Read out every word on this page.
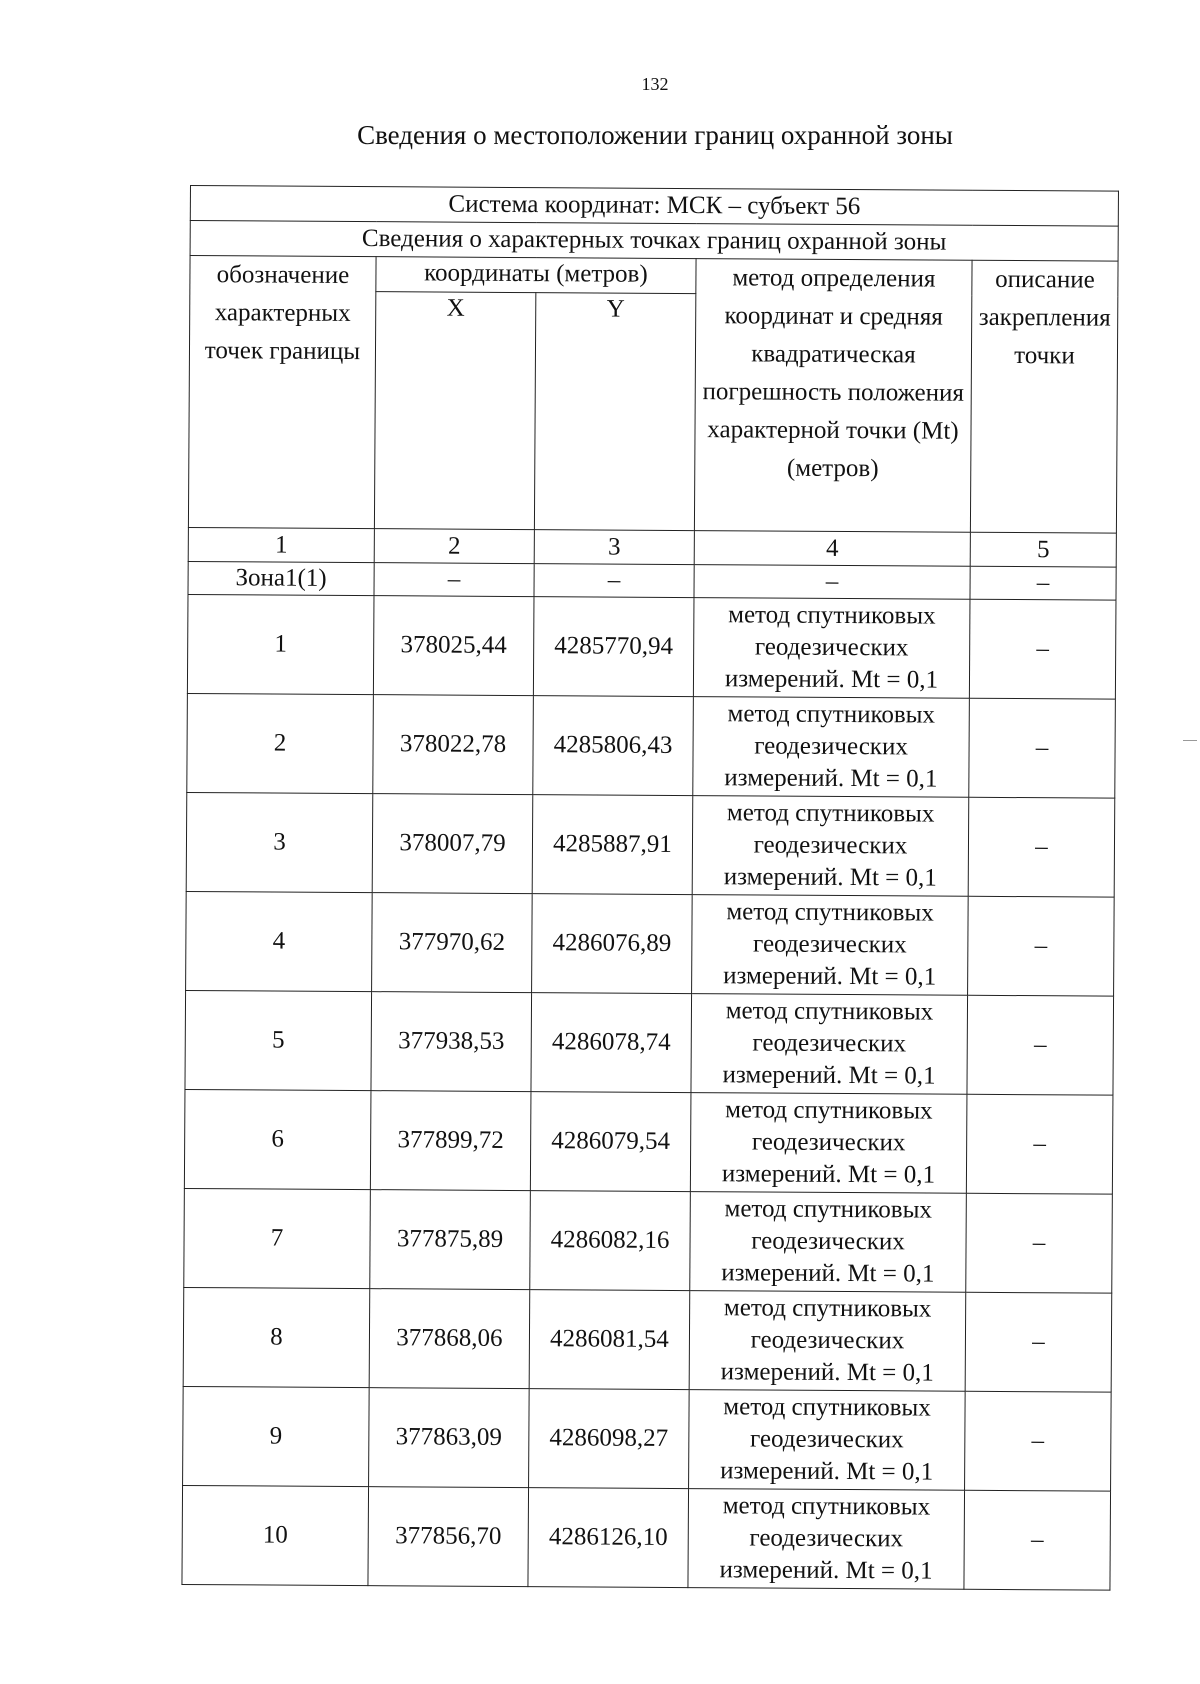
132
Сведения о местоположении границ охранной зоны
Система координат: МСК – субъект 56				
Сведения о характерных точках границ охранной зоны				

обозначение характерных точек границы	координаты (метров)		метод определения координат и средняя квадратическая погрешность положения характерной точки (Mt) (метров)	описание закрепления точки

	X	Y		
1	2	3	4	5
Зона1(1)	–	–	–	–
1	378025,44	4285770,94	метод спутниковых геодезических измерений. Mt = 0,1	–
2	378022,78	4285806,43	метод спутниковых геодезических измерений. Mt = 0,1	–
3	378007,79	4285887,91	метод спутниковых геодезических измерений. Mt = 0,1	–
4	377970,62	4286076,89	метод спутниковых геодезических измерений. Mt = 0,1	–
5	377938,53	4286078,74	метод спутниковых геодезических измерений. Mt = 0,1	–
6	377899,72	4286079,54	метод спутниковых геодезических измерений. Mt = 0,1	–
7	377875,89	4286082,16	метод спутниковых геодезических измерений. Mt = 0,1	–
8	377868,06	4286081,54	метод спутниковых геодезических измерений. Mt = 0,1	–
9	377863,09	4286098,27	метод спутниковых геодезических измерений. Mt = 0,1	–
10	377856,70	4286126,10	метод спутниковых геодезических измерений. Mt = 0,1	–
